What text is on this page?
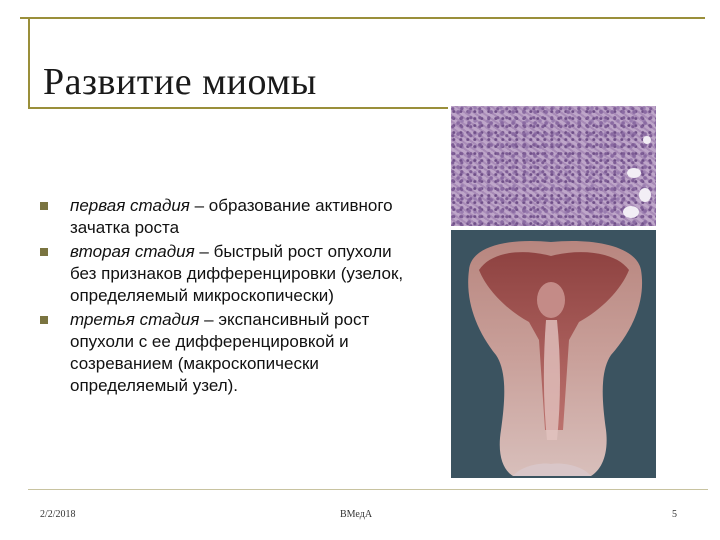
Развитие миомы
первая стадия – образование активного зачатка роста
вторая стадия – быстрый рост опухоли без признаков дифференцировки (узелок, определяемый микроскопически)
третья стадия – экспансивный рост опухоли с ее дифференцировкой и созреванием (макроскопически определяемый узел).
2/2/2018	ВМедА	5
